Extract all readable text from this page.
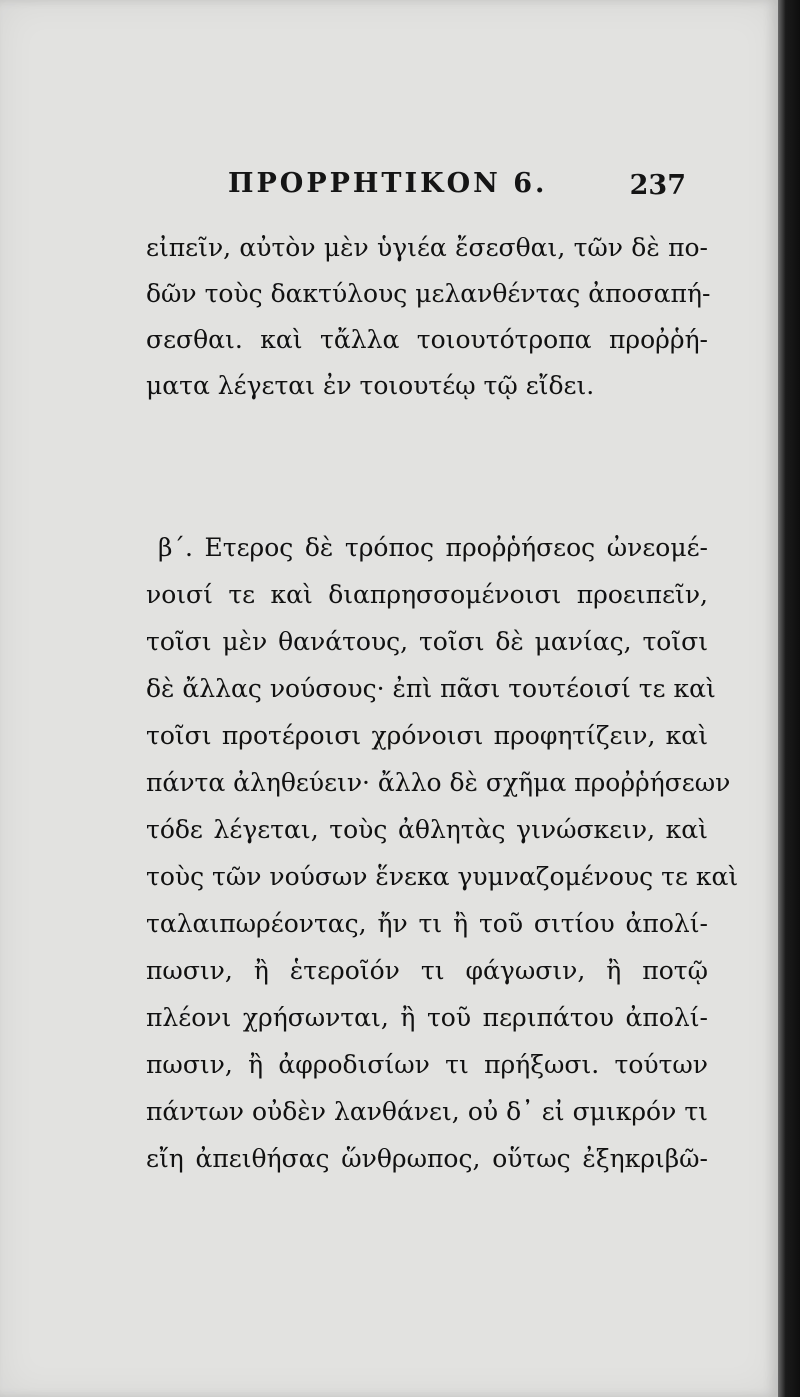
ΠΡΟΡΡΗΤΙΚΟΝ 6.	237
εἰπεῖν, αὐτὸν μὲν ὑγιέα ἔσεσθαι, τῶν δὲ πο-
δῶν τοὺς δακτύλους μελανθέντας ἀποσαπή-
σεσθαι. καὶ τἄλλα τοιουτότροπα προῤῥή-
ματα λέγεται ἐν τοιουτέῳ τῷ εἴδει.
β΄. Ετερος δὲ τρόπος προῤῥήσεος ὠνεομέ-
νοισί τε καὶ διαπρησσομένοισι προειπεῖν,
τοῖσι μὲν θανάτους, τοῖσι δὲ μανίας, τοῖσι
δὲ ἄλλας νούσους· ἐπὶ πᾶσι τουτέοισί τε καὶ
τοῖσι προτέροισι χρόνοισι προφητίζειν, καὶ
πάντα ἀληθεύειν· ἄλλο δὲ σχῆμα προῤῥήσεων
τόδε λέγεται, τοὺς ἀθλητὰς γινώσκειν, καὶ
τοὺς τῶν νούσων ἕνεκα γυμναζομένους τε καὶ
ταλαιπωρέοντας, ἤν τι ἢ τοῦ σιτίου ἀπολί-
πωσιν, ἢ ἑτεροῖόν τι φάγωσιν, ἢ ποτῷ
πλέονι χρήσωνται, ἢ τοῦ περιπάτου ἀπολί-
πωσιν, ἢ ἀφροδισίων τι πρήξωσι. τούτων
πάντων οὐδὲν λανθάνει, οὐ δ᾽ εἰ σμικρόν τι
εἴη ἀπειθήσας ὥνθρωπος, οὕτως ἐξηκριβῶ-
